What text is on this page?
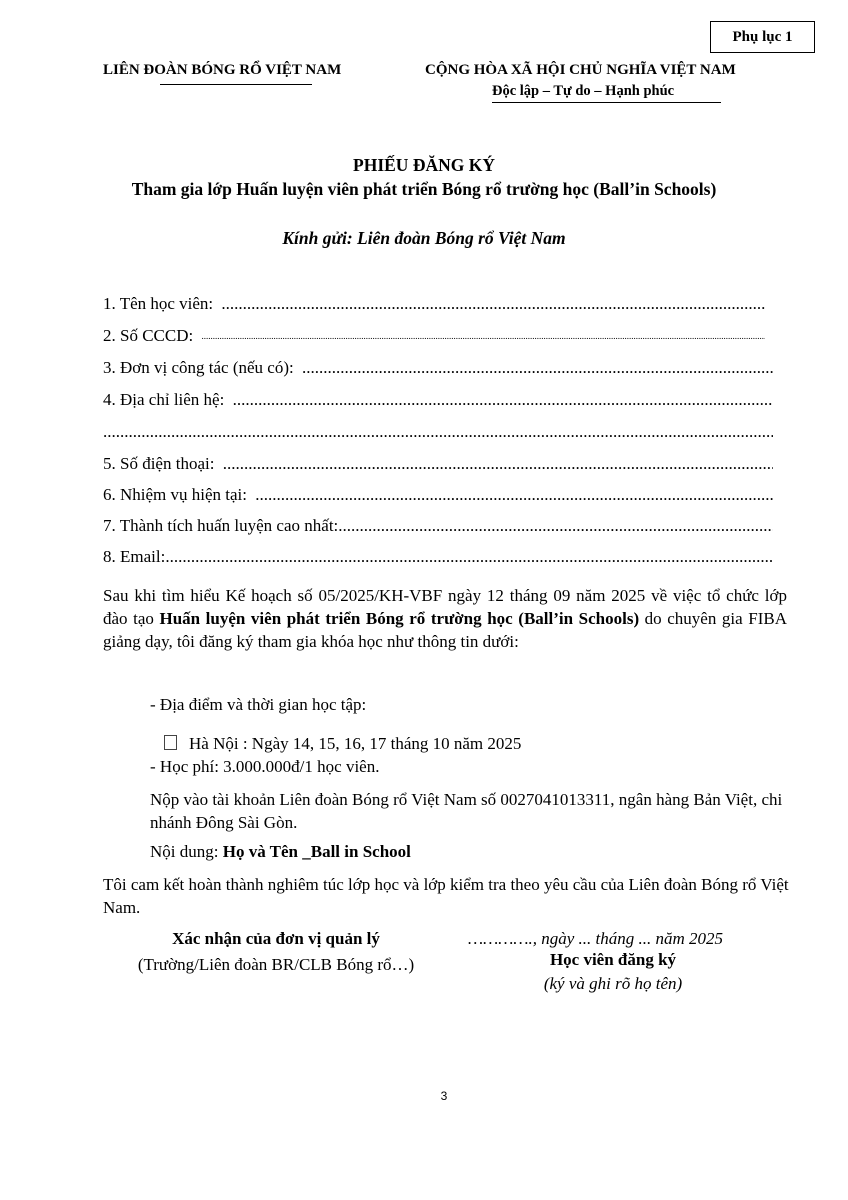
Phụ lục 1
LIÊN ĐOÀN BÓNG RỔ VIỆT NAM	CỘNG HÒA XÃ HỘI CHỦ NGHĨA VIỆT NAM
Độc lập – Tự do – Hạnh phúc
PHIẾU ĐĂNG KÝ
Tham gia lớp Huấn luyện viên phát triển Bóng rổ trường học (Ball’in Schools)
Kính gửi: Liên đoàn Bóng rổ Việt Nam
1. Tên học viên:
.....
2. Số CCCD:
.....
3. Đơn vị công tác (nếu có):
.....
4. Địa chỉ liên hệ:
.....
.....
5. Số điện thoại:
.....
6. Nhiệm vụ hiện tại:
.....
7. Thành tích huấn luyện cao nhất:
.....
8. Email:
.....
Sau khi tìm hiểu Kế hoạch số 05/2025/KH-VBF ngày 12 tháng 09 năm 2025 về việc tổ chức lớp đào tạo Huấn luyện viên phát triển Bóng rổ trường học (Ball’in Schools) do chuyên gia FIBA giảng dạy, tôi đăng ký tham gia khóa học như thông tin dưới:
- Địa điểm và thời gian học tập:
Hà Nội : Ngày 14, 15, 16, 17 tháng 10 năm 2025
- Học phí: 3.000.000đ/1 học viên.
Nộp vào tài khoản Liên đoàn Bóng rổ Việt Nam số 0027041013311, ngân hàng Bản Việt, chi nhánh Đông Sài Gòn.
Nội dung: Họ và Tên _Ball in School
Tôi cam kết hoàn thành nghiêm túc lớp học và lớp kiểm tra theo yêu cầu của Liên đoàn Bóng rổ Việt Nam.
Xác nhận của đơn vị quản lý
(Trường/Liên đoàn BR/CLB Bóng rổ…)
…………., ngày ... tháng ... năm 2025
Học viên đăng ký
(ký và ghi rõ họ tên)
3
